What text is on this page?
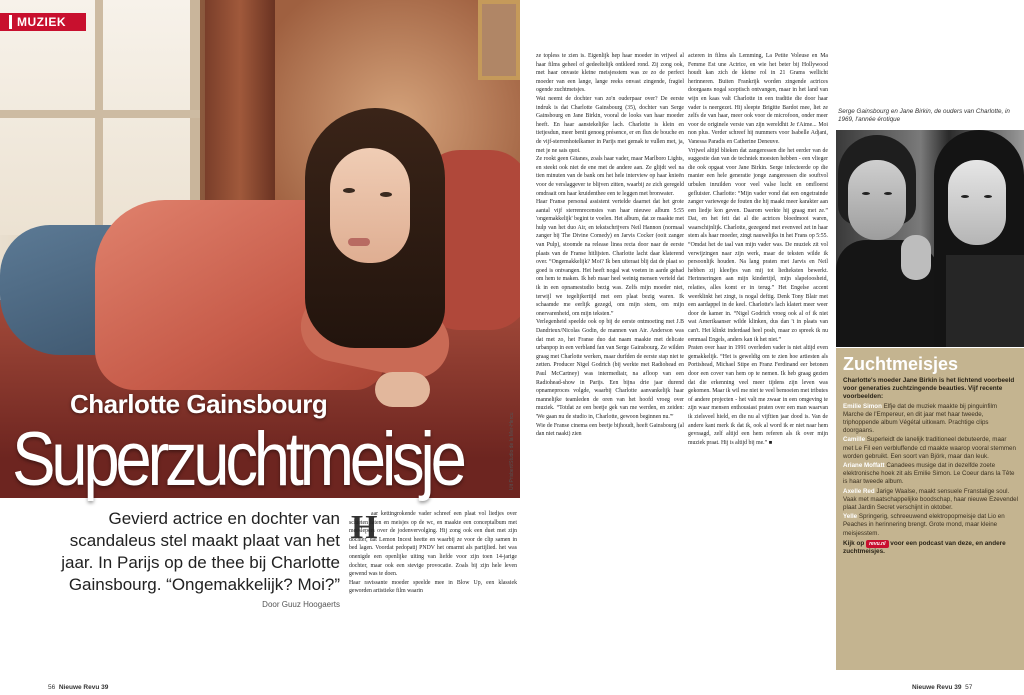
MUZIEK
Charlotte Gainsbourg
Superzuchtmeisje	Uit Prisbert/Studio de la Mer-Hercu
Gevierd actrice en dochter van scandaleus stel maakt plaat van het jaar. In Parijs op de thee bij Charlotte Gainsbourg. “Ongemakkelijk? Moi?”
Door Guuz Hoogaerts
H

aar kettingrokende vader schreef een plaat vol liedjes over schieten laten en meisjes op de wc, en maakte een conceptalbum met meeslepers over de jodenvervolging. Hij zong ook een duet met zijn dochter, dat Lemon Incest heette en waarbij ze voor de clip samen in bed lagen. Voordat pedopatij PNDV het omarmt als partijlied. het was onenigde een openlijke uiting van liefde voor zijn toen 14-jarige dochter, maar ook een stevige provocatie. Zoals bij zijn hele leven gewend was te doen.

Haar ravissante moeder speelde mee in Blow Up, een klassiek geworden artistieke film waarin

ze topless te zien is. Eigenlijk hep haar moeder in vrijwel al haar films geheel of gedeeltelijk ontkleed rond. Zij zong ook, met haar onvaste kleine meisjesstem was ze zo de perfect moeder van een lange, lange reeks onvast zingende, fragiel ogende zuchtmeisjes.

Wat neemt de dochter van zo'n ouderpaar over? De eerste indruk is dat Charlotte Gainsbourg (35), dochter van Serge Gainsbourg en Jane Birkin, vooral de looks van haar moeder heeft. En haar aanstekelijke lach. Charlotte is klein en tietjesdun, meer benit genoeg présence, er en flux de bouche en de vijf-sterrenhotelkamer in Parijs met gemak te vullen met, ja, met je ne sais quoi.

Ze rookt geen Gitanes, zoals haar vader, maar Marlboro Lights, en steekt ook niet de ene met de andere aan. Ze glijdt wel na tien minuten van de bank om het hele interview op haar knieën voor de verslaggever te blijven zitten, waarbij ze zich geregeld omdraait om haar kruidenthee een te leggen met bronwater.

Haar Franse personal assistent vertelde daarnet dat het grote aantal vijf sterrenrecensies van haar nieuwe album 5:55 'ongemakkelijk' begint te voelen. Het album, dat ze maakte met hulp van het duo Air, en tekstschrijvers Neil Hannon (normaal zanger bij The Divine Comedy) en Jarvis Cocker (ooit zanger van Pulp), stoomde na release linea recta door naar de eerste plaats van de Franse hitlijsten. Charlotte lacht daar klaterend over. “Ongemakkelijk? Moi? Ik ben uiteraat blij dat de plaat so goed is ontvangen. Het heeft nogal wat voeten in aarde gehad om hem te maken. Ik heb maar heel weinig mensen verteld dat ik in een opnamestudio bezig was. Zelfs mijn moeder niet, terwijl we tegelijkertijd met een plaat bezig waren. Ik schaamde me eerlijk gezegd, om mijn stem, om mijn onervarenheid, om mijn teksten.”

Verlegenheid speelde ook op bij de eerste ontmoeting met J.B Dandrieux/Nicolas Godin, de mannen van Air. Anderson was dat met zo, het Franse duo dat naam maakte met delicate urbanpop in een verbland fan van Serge Gainsbourg. Ze wilden graag met Charlotte werken, maar durfden de eerste stap niet te zetten. Producer Nigel Godrich (bij werkte met Radiohead en Paul McCartney) was intermediair, na afloop van een Radiohead-show in Parijs. Een bijna drie jaar durend opnameproces volgde, waarbij Charlotte aanvankelijk haar mannelijke teamleden de oren van het hoofd vroeg over muziek. “Totdat ze een beetje gek van me werden, en zeiden: 'We gaan nu de studio in, Charlotte, gewoon beginnen nu.'”

Wie de Franse cinema een beetje bijhoudt, heeft Gainsbourg (al dan niet naakt) zien

acteren in films als Lemming, La Petite Voleuse en Ma Femme Est une Actrice, en wie het beter bij Hollywood houdt kan zich de kleine rol in 21 Grams wellicht herinneren. Buiten Frankrijk worden zingende actrices doorgaans nogal sceptisch ontvangen, maar in het land van wijn en kaas valt Charlotte in een traditie die door haar vader is neergezet. Hij sleepte Brigitte Bardot mee, liet ze zelfs de van haar, meer ook voor de microfoon, onder meer voor de originele versie van zijn wereldhit Je t'Aime... Moi non plus. Verder schreef hij nummers voor Isabelle Adjani, Vanessa Paradis en Catherine Deneuve.

Vrijwel altijd blieken dat zangeressen die het eerder van de suggestie dan van de techniek moesten hebben - een vlieger die ook opgaat voor Jane Birkin. Serge infecteerde op die manier een hele generatie jonge zangeressen die souftvol urbulen inruilden voor veel valse lucht en omfloerst gefluister. Charlotte: “Mijn vader vond dat een ongetrainde zanger variewege de fouten die hij maakt meer karakter aan een liedje kon geven. Daarom werkte hij graag met ze.” Dat, en het feit dat al die actrices bloedmooi waren, waarschijnlijk. Charlotte, gezegend met evenveel zet in haar stem als haar moeder, zingt nauwelijks in het Frans op 5:55. “Omdat het de taal van mijn vader was. De muziek zit vol verwijzingen naar zijn werk, maar de teksten wilde ik persoonlijk houden. Na lang praten met Jarvis en Neil hebben zij kleefjes van mij tot liedteksten bewerkt. Herinneringen aan mijn kindertijd, mijn slapeloosheid, relaties, alles komt er in terug.” Het Engelse accent weerklinkt het zingt, is nogal deftig. Denk Tony Blair met een aardappel in de keel. Charlotte's lach klatert meer weer door de kamer in. “Nigel Godrich vroeg ook al of ik niet wat Amerikaanser wilde klinken, dus dan 't in plaats van can't. Het klinkt inderdaad heel posh, maar zo spreek ik nu eenmaal Engels, anders kan ik het niet.”

Praten over haar in 1991 overleden vader is niet altijd even gemakkelijk. “Het is geweldig om te zien hoe artiesten als Portishead, Michael Stipe en Franz Ferdinand eer betonen door een cover van hem op te nemen. Ik heb graag gezien dat die erkenning veel meer tijdens zijn leven was gekomen. Maar ik wil me niet te veel bemoeien met tributes of andere projecten - het valt me zwaar in een omgeving te zijn waar mensen enthousiast praten over een man waarvan ik zielsveel hield, en die nu al vijftien jaar dood is. Van de andere kant merk ik dat ik, ook al word ik er niet naar hem gevraagd, zelf altijd een hem referen als ik over mijn muziek praat. Hij is altijd bij me.” ■

56 Nieuwe Revu 39	Nieuwe Revu 39 57
Serge Gainsbourg en Jane Birkin, de ouders van Charlotte, in 1969, l'année érotique
Zuchtmeisjes
Charlotte's moeder Jane Birkin is het lichtend voorbeeld voor generaties zuchtzingende beauties. Vijf recente voorbeelden:
Emilie Simon Elfje dat de muziek maakte bij pinguinfilm Marche de l'Empereur, en dit jaar met haar tweede, triphoppende album Végétal uitkwam. Prachtige clips doorgaans.
Camille Superleidt de lanelijk traditioneel debuteerde, maar met Le Fil een verbluffende cd maakte waarop vooral stemmen worden gebruikt. Een soort van Björk, maar dan leuk.
Ariane Moffatt Canadees musige dat in dezelfde zoete elektronische hoek zit als Emilie Simon. Le Coeur dans la Tête is haar tweede album.
Axelle Red Jarige Waalse, maakt sensuele Franstalige soul. Vaak met maatschappelijke boodschap, haar nieuwe Ezevendel plaat Jardin Secret verschijnt in oktober.
Yelle Springerig, schreeuwend elektropopmeisje dat Lio en Peaches in herinnering brengt. Grote mond, maar kleine meisjesstem.
Kijk op revu.nl voor een podcast van deze, en andere zuchtmeisjes.
